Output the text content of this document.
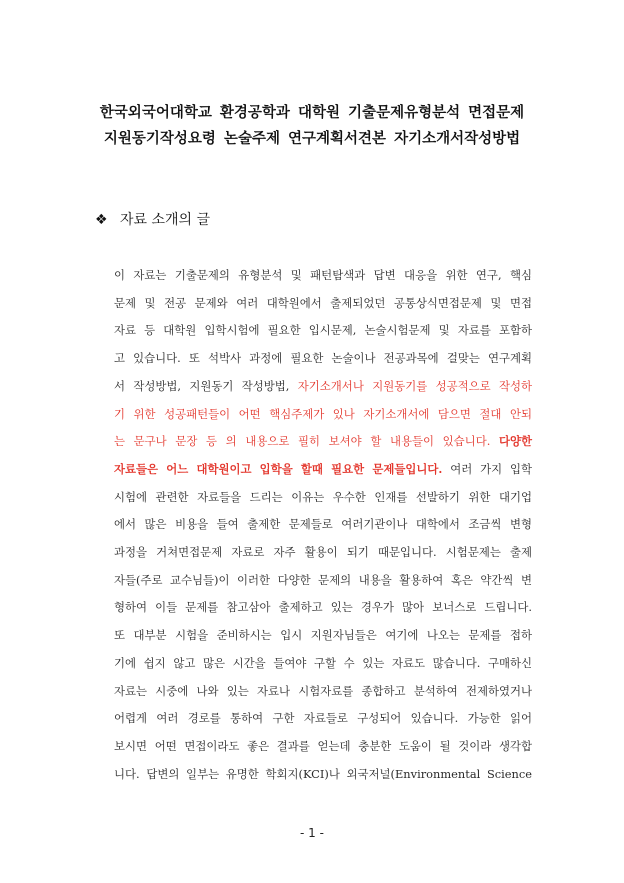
한국외국어대학교 환경공학과 대학원 기출문제유형분석 면접문제
지원동기작성요령 논술주제 연구계획서견본 자기소개서작성방법
❖ 자료 소개의 글
이 자료는 기출문제의 유형분석 및 패턴탐색과 답변 대응을 위한 연구, 핵심
문제 및 전공 문제와 여러 대학원에서 출제되었던 공통상식면접문제 및 면접
자료 등 대학원 입학시험에 필요한 입시문제, 논술시험문제 및 자료를 포함하
고 있습니다. 또 석박사 과정에 필요한 논술이나 전공과목에 걸맞는 연구계획
서 작성방법, 지원동기 작성방법, 자기소개서나 지원동기를 성공적으로 작성하
기 위한 성공패턴들이 어떤 핵심주제가 있나 자기소개서에 담으면 절대 안되
는 문구나 문장 등 의 내용으로 필히 보셔야 할 내용들이 있습니다. 다양한
자료들은 어느 대학원이고 입학을 할때 필요한 문제들입니다. 여러 가지 입학
시험에 관련한 자료들을 드리는 이유는 우수한 인재를 선발하기 위한 대기업
에서 많은 비용을 들여 출제한 문제들로 여러기관이나 대학에서 조금씩 변형
과정을 거쳐면접문제 자료로 자주 활용이 되기 때문입니다. 시험문제는 출제
자들(주로 교수님들)이 이러한 다양한 문제의 내용을 활용하여 혹은 약간씩 변
형하여 이들 문제를 참고삼아 출제하고 있는 경우가 많아 보너스로 드립니다.
또 대부분 시험을 준비하시는 입시 지원자님들은 여기에 나오는 문제를 접하
기에 쉽지 않고 많은 시간을 들여야 구할 수 있는 자료도 많습니다. 구매하신
자료는 시중에 나와 있는 자료나 시험자료를 종합하고 분석하여 전제하였거나
어렵게 여러 경로를 통하여 구한 자료들로 구성되어 있습니다. 가능한 읽어
보시면 어떤 면접이라도 좋은 결과를 얻는데 충분한 도움이 될 것이라 생각합
니다. 답변의 일부는 유명한 학회지(KCI)나 외국저널(Environmental Science
- 1 -
